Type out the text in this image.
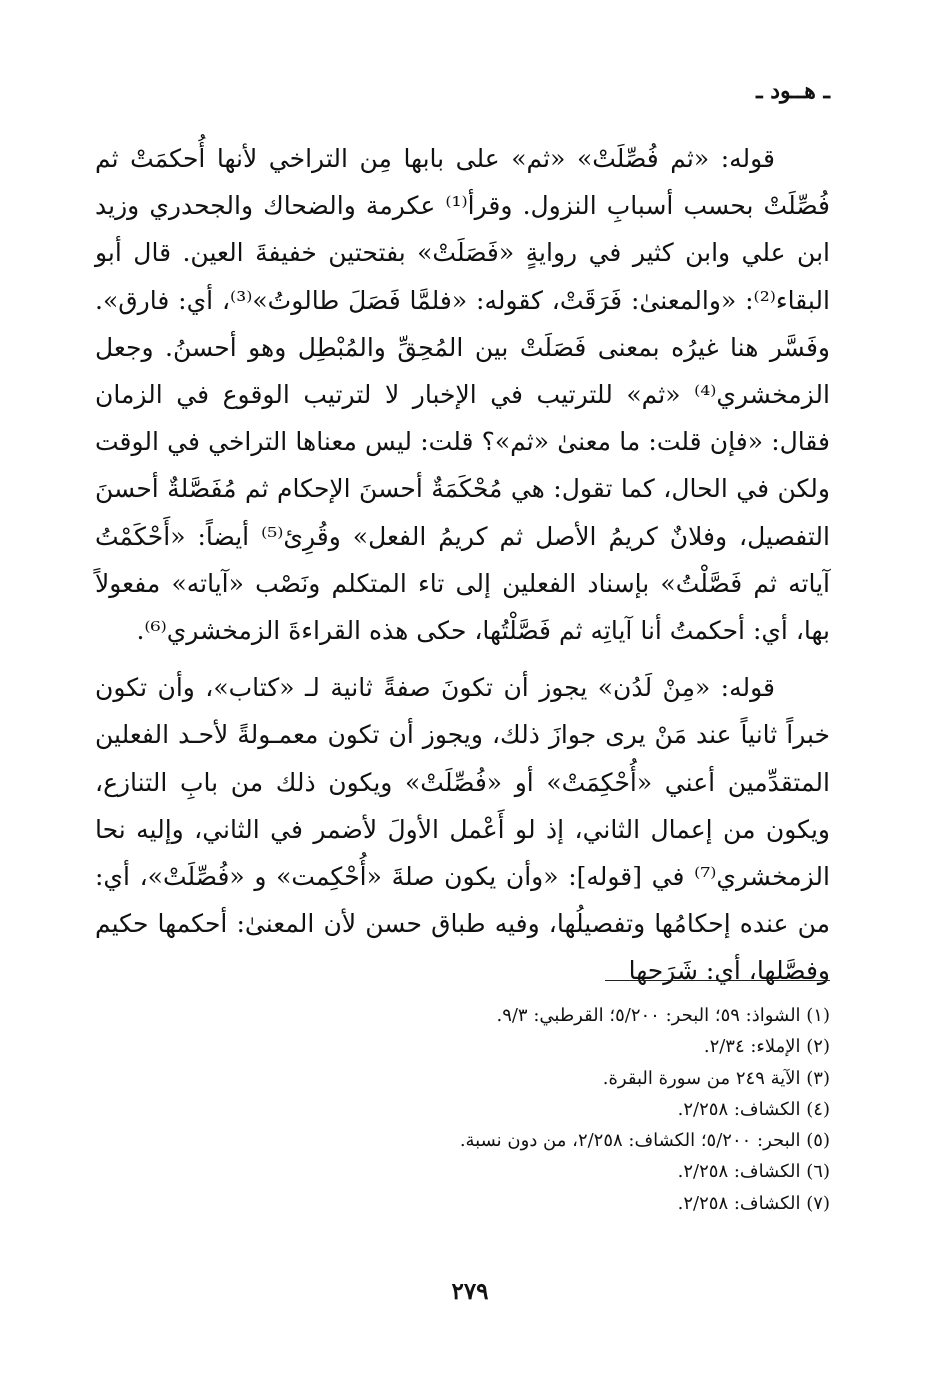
ـ هــود ـ

قوله: «ثم فُصِّلَتْ» «ثم» على بابها مِن التراخي لأنها أُحكمَتْ ثم فُصِّلَتْ بحسب أسبابِ النزول. وقرأ⁽¹⁾ عكرمة والضحاك والجحدري وزيد ابن علي وابن كثير في روايةٍ «فَصَلَتْ» بفتحتين خفيفةَ العين. قال أبو البقاء⁽²⁾: «والمعنىٰ: فَرَقَتْ، كقوله: «فلمَّا فَصَلَ طالوتُ»⁽³⁾، أي: فارق». وفَسَّر هنا غيرُه بمعنى فَصَلَتْ بين المُحِقِّ والمُبْطِل وهو أحسنُ. وجعل الزمخشري⁽⁴⁾ «ثم» للترتيب في الإخبار لا لترتيب الوقوع في الزمان فقال: «فإن قلت: ما معنىٰ «ثم»؟ قلت: ليس معناها التراخي في الوقت ولكن في الحال، كما تقول: هي مُحْكَمَةٌ أحسنَ الإحكام ثم مُفَصَّلةٌ أحسنَ التفصيل، وفلانٌ كريمُ الأصل ثم كريمُ الفعل» وقُرِئ⁽⁵⁾ أيضاً: «أَحْكَمْتُ آياته ثم فَصَّلْتُ» بإسناد الفعلين إلى تاء المتكلم ونَصْب «آياته» مفعولاً بها، أي: أحكمتُ أنا آياتِه ثم فَصَّلْتُها، حكى هذه القراءةَ الزمخشري⁽⁶⁾.

قوله: «مِنْ لَدُن» يجوز أن تكونَ صفةً ثانية لـ «كتاب»، وأن تكون خبراً ثانياً عند مَنْ يرى جوازَ ذلك، ويجوز أن تكون معمـولةً لأحـد الفعلين المتقدِّمين أعني «أُحْكِمَتْ» أو «فُصِّلَتْ» ويكون ذلك من بابِ التنازع، ويكون من إعمال الثاني، إذ لو أَعْمل الأولَ لأضمر في الثاني، وإليه نحا الزمخشري⁽⁷⁾ في [قوله]: «وأن يكون صلةَ «أُحْكِمت» و «فُصِّلَتْ»، أي: من عنده إحكامُها وتفصيلُها، وفيه طباق حسن لأن المعنىٰ: أحكمها حكيم وفصَّلها، أي: شَرَحها

(١) الشواذ: ٥٩؛ البحر: ٥/٢٠٠؛ القرطبي: ٩/٣.
(٢) الإملاء: ٢/٣٤.
(٣) الآية ٢٤٩ من سورة البقرة.
(٤) الكشاف: ٢/٢٥٨.
(٥) البحر: ٥/٢٠٠؛ الكشاف: ٢/٢٥٨، من دون نسبة.
(٦) الكشاف: ٢/٢٥٨.
(٧) الكشاف: ٢/٢٥٨.
٢٧٩
